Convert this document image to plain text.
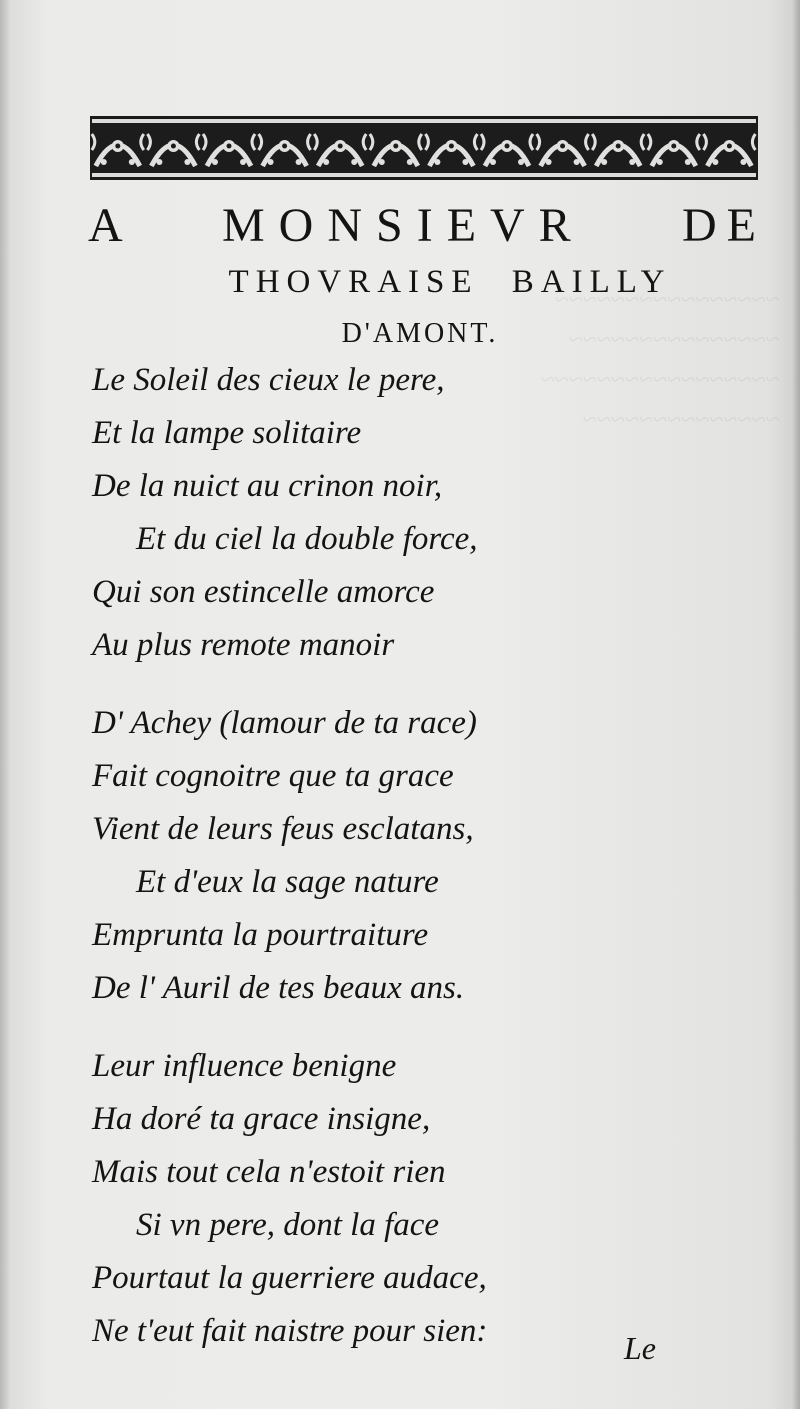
~~~~~~~~~~~~~~~~
~~~~~~~~~~~~~~~
~~~~~~~~~~~~~~~~~
~~~~~~~~~~~~~~
A MONSIEVR DE
THOVRAISE BAILLY
D'AMONT.
Le Soleil des cieux le pere,
Et la lampe solitaire
De la nuict au crinon noir,
Et du ciel la double force,
Qui son estincelle amorce
Au plus remote manoir
D' Achey (lamour de ta race)
Fait cognoitre que ta grace
Vient de leurs feus esclatans,
Et d'eux la sage nature
Emprunta la pourtraiture
De l' Auril de tes beaux ans.
Leur influence benigne
Ha doré ta grace insigne,
Mais tout cela n'estoit rien
Si vn pere, dont la face
Pourtaut la guerriere audace,
Ne t'eut fait naistre pour sien:	Le
